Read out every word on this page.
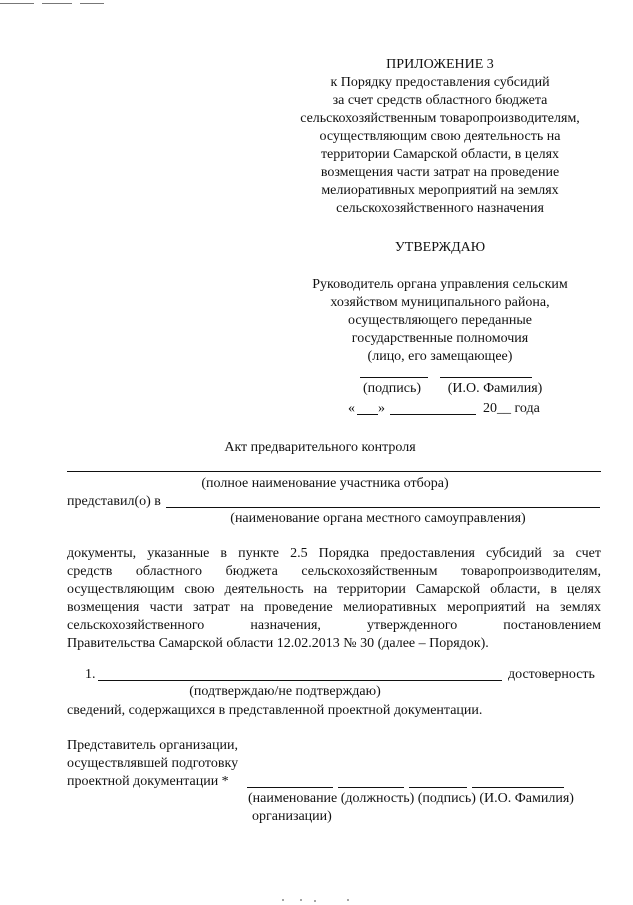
ПРИЛОЖЕНИЕ 3
к Порядку предоставления субсидий
за счет средств областного бюджета
сельскохозяйственным товаропроизводителям,
осуществляющим свою деятельность на
территории Самарской области, в целях
возмещения части затрат на проведение
мелиоративных мероприятий на землях
сельскохозяйственного назначения
УТВЕРЖДАЮ
Руководитель органа управления сельским
хозяйством муниципального района,
осуществляющего переданные
государственные полномочия
(лицо, его замещающее)
(подпись)	(И.О. Фамилия)
« »	20__ года
Акт предварительного контроля
(полное наименование участника отбора)
представил(о) в
(наименование органа местного самоуправления)
документы, указанные в пункте 2.5 Порядка предоставления субсидий за счет
средств областного бюджета сельскохозяйственным товаропроизводителям,
осуществляющим свою деятельность на территории Самарской области, в целях
возмещения части затрат на проведение мелиоративных мероприятий на землях
сельскохозяйственного назначения, утвержденного постановлением
Правительства Самарской области 12.02.2013 № 30 (далее – Порядок).
1.	достоверность
(подтверждаю/не подтверждаю)
сведений, содержащихся в представленной проектной документации.
Представитель организации,
осуществлявшей подготовку
проектной документации *
(наименование (должность) (подпись) (И.О. Фамилия)
организации)
